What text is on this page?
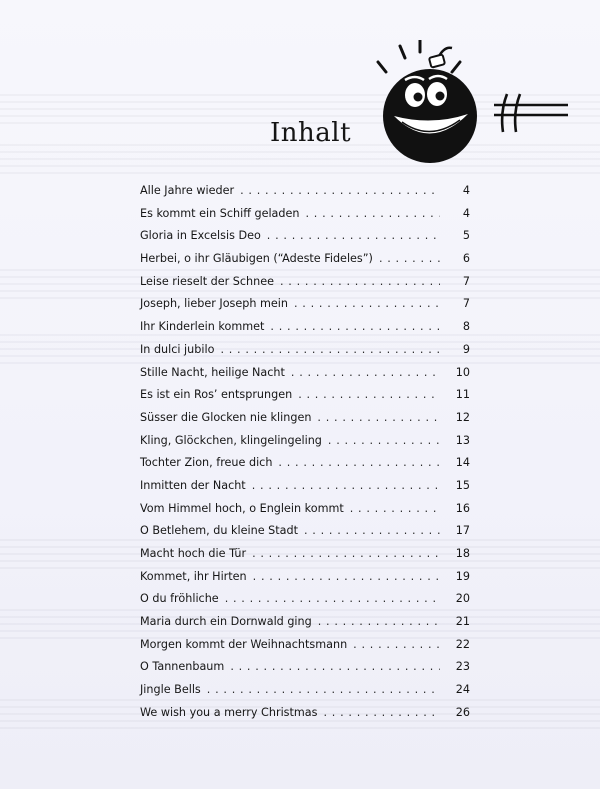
Inhalt
Alle Jahre wieder . . .	4
Es kommt ein Schiff geladen . . .	4
Gloria in Excelsis Deo . . .	5
Herbei, o ihr Gläubigen (“Adeste Fideles”) . . .	6
Leise rieselt der Schnee . . .	7
Joseph, lieber Joseph mein . . .	7
Ihr Kinderlein kommet . . .	8
In dulci jubilo . . .	9
Stille Nacht, heilige Nacht . . .	10
Es ist ein Ros’ entsprungen . . .	11
Süsser die Glocken nie klingen . . .	12
Kling, Glöckchen, klingelingeling . . .	13
Tochter Zion, freue dich . . .	14
Inmitten der Nacht . . .	15
Vom Himmel hoch, o Englein kommt . . .	16
O Betlehem, du kleine Stadt . . .	17
Macht hoch die Tür . . .	18
Kommet, ihr Hirten . . .	19
O du fröhliche . . .	20
Maria durch ein Dornwald ging . . .	21
Morgen kommt der Weihnachtsmann . . .	22
O Tannenbaum . . .	23
Jingle Bells . . .	24
We wish you a merry Christmas . . .	26
